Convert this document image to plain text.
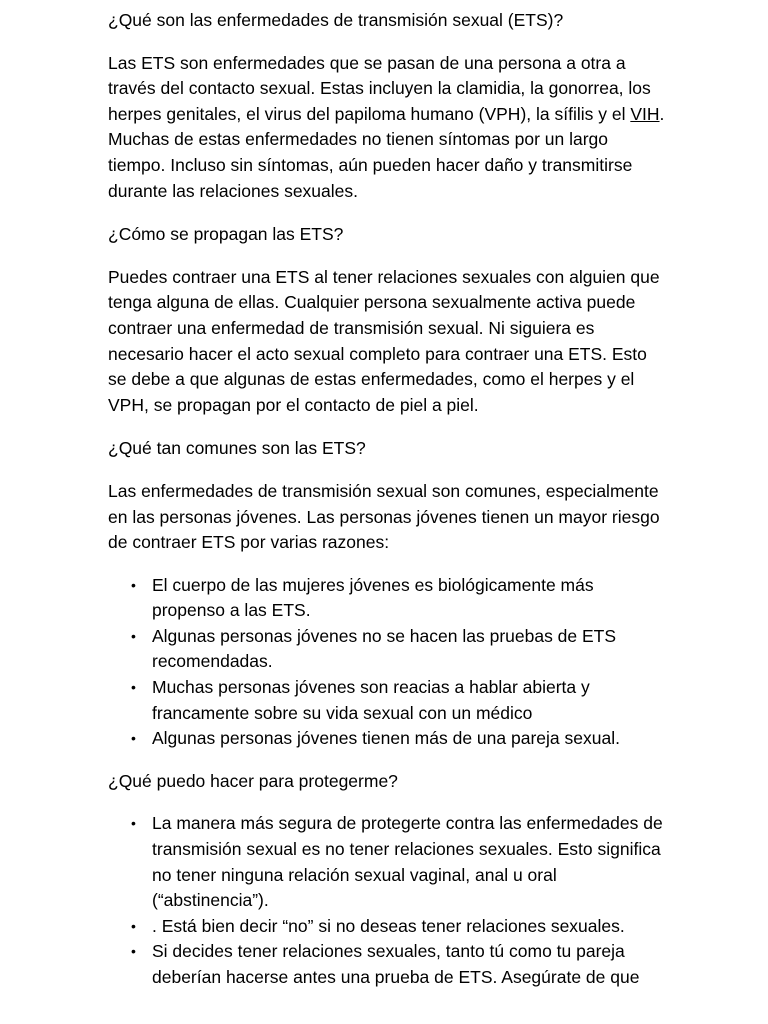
¿Qué son las enfermedades de transmisión sexual (ETS)?

Las ETS son enfermedades que se pasan de una persona a otra a través del contacto sexual. Estas incluyen la clamidia, la gonorrea, los herpes genitales, el virus del papiloma humano (VPH), la sífilis y el VIH. Muchas de estas enfermedades no tienen síntomas por un largo tiempo. Incluso sin síntomas, aún pueden hacer daño y transmitirse durante las relaciones sexuales.

¿Cómo se propagan las ETS?

Puedes contraer una ETS al tener relaciones sexuales con alguien que tenga alguna de ellas. Cualquier persona sexualmente activa puede contraer una enfermedad de transmisión sexual. Ni siguiera es necesario hacer el acto sexual completo para contraer una ETS. Esto se debe a que algunas de estas enfermedades, como el herpes y el VPH, se propagan por el contacto de piel a piel.

¿Qué tan comunes son las ETS?

Las enfermedades de transmisión sexual son comunes, especialmente en las personas jóvenes. Las personas jóvenes tienen un mayor riesgo de contraer ETS por varias razones:

• El cuerpo de las mujeres jóvenes es biológicamente más propenso a las ETS.
• Algunas personas jóvenes no se hacen las pruebas de ETS recomendadas.
• Muchas personas jóvenes son reacias a hablar abierta y francamente sobre su vida sexual con un médico
• Algunas personas jóvenes tienen más de una pareja sexual.

¿Qué puedo hacer para protegerme?

• La manera más segura de protegerte contra las enfermedades de transmisión sexual es no tener relaciones sexuales. Esto significa no tener ninguna relación sexual vaginal, anal u oral (“abstinencia”).
• . Está bien decir “no” si no deseas tener relaciones sexuales.
• Si decides tener relaciones sexuales, tanto tú como tu pareja deberían hacerse antes una prueba de ETS. Asegúrate de que
